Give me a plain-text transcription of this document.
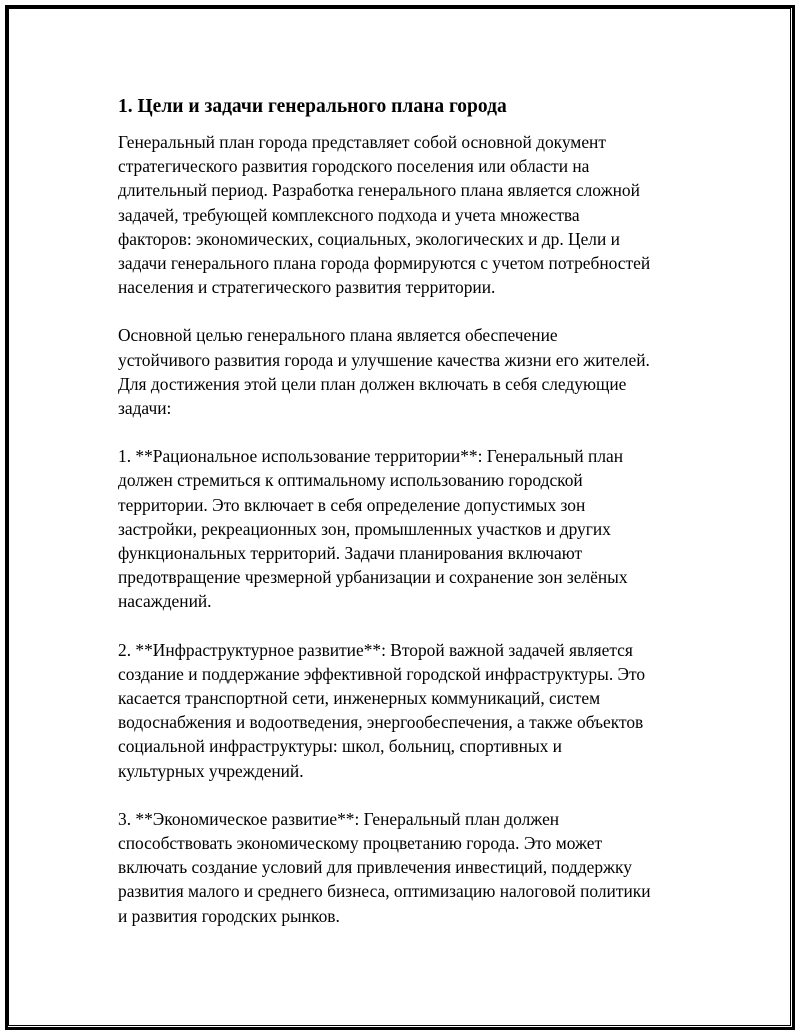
1. Цели и задачи генерального плана города
Генеральный план города представляет собой основной документ
стратегического развития городского поселения или области на
длительный период. Разработка генерального плана является сложной
задачей, требующей комплексного подхода и учета множества
факторов: экономических, социальных, экологических и др. Цели и
задачи генерального плана города формируются с учетом потребностей
населения и стратегического развития территории.
Основной целью генерального плана является обеспечение
устойчивого развития города и улучшение качества жизни его жителей.
Для достижения этой цели план должен включать в себя следующие
задачи:
1. **Рациональное использование территории**: Генеральный план
должен стремиться к оптимальному использованию городской
территории. Это включает в себя определение допустимых зон
застройки, рекреационных зон, промышленных участков и других
функциональных территорий. Задачи планирования включают
предотвращение чрезмерной урбанизации и сохранение зон зелёных
насаждений.
2. **Инфраструктурное развитие**: Второй важной задачей является
создание и поддержание эффективной городской инфраструктуры. Это
касается транспортной сети, инженерных коммуникаций, систем
водоснабжения и водоотведения, энергообеспечения, а также объектов
социальной инфраструктуры: школ, больниц, спортивных и
культурных учреждений.
3. **Экономическое развитие**: Генеральный план должен
способствовать экономическому процветанию города. Это может
включать создание условий для привлечения инвестиций, поддержку
развития малого и среднего бизнеса, оптимизацию налоговой политики
и развития городских рынков.
